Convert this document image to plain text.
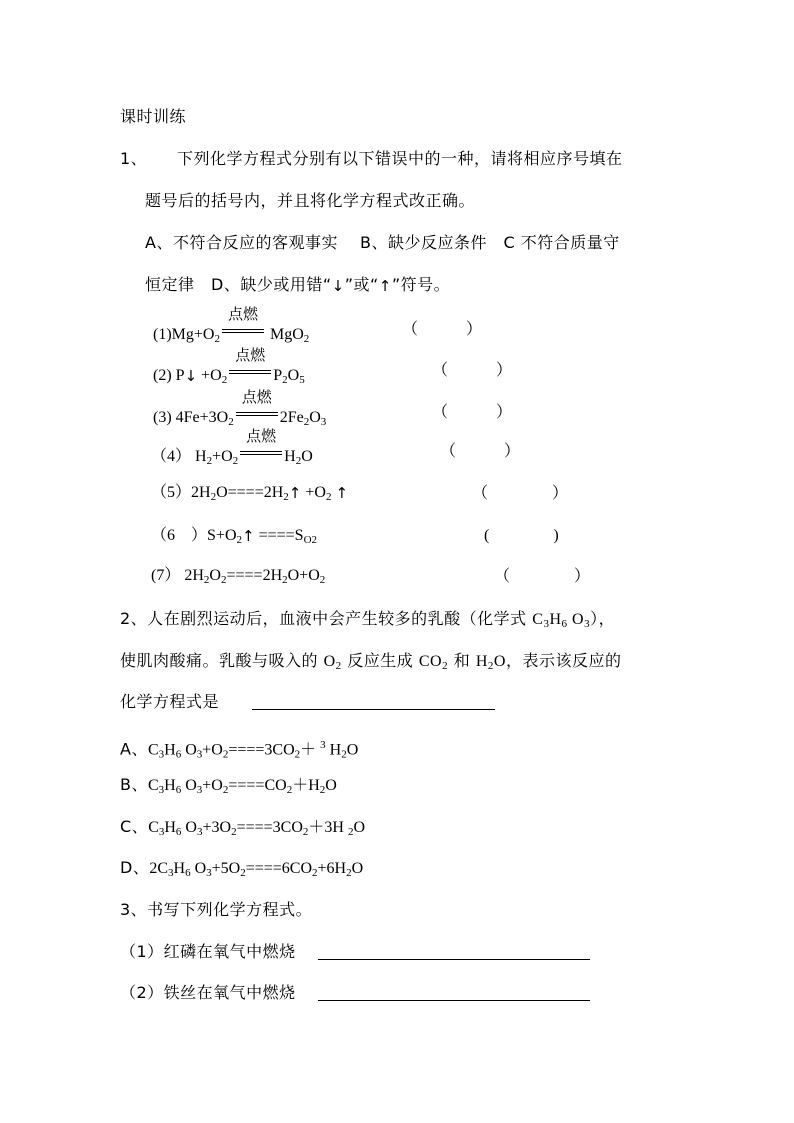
课时训练
1、 下列化学方程式分别有以下错误中的一种，请将相应序号填在
题号后的括号内，并且将化学方程式改正确。
A、不符合反应的客观事实　 B、缺少反应条件　C 不符合质量守
恒定律　D、缺少或用错“↓”或“↑”符号。
$(1)Mg+O_2$
点燃
MgO$_2$
（　　　）
(2) P↓ $+O_2$
点燃
$P_2O_5$
（　　　）
(3) $4Fe+3O_2$
点燃
$2Fe_2O_3$
（　　　）
（4） $H_2+O_2$
点燃
$H_2O$	（　　　）
$(5)2H_2O====2H_2↑ +O_2$ ↑	（　　　　）
（6　）$S+O_2↑ ====S_{O2}$	(　　　　)
(7） $2H_2O_2====2H_2O+O_2$	（　　　　）
2、人在剧烈运动后，血液中会产生较多的乳酸（化学式 $C_3H_6$ $O_3$），
使肌肉酸痛。乳酸与吸入的 $O_2$ 反应生成 $CO_2$ 和 $H_2O$，表示该反应的
化学方程式是
A、$C_3H_6$ $O_3+O_2====3CO_2+ ^3$ $H_2O$
B、$C_3H_6$ $O_3+O_2====CO_2+H_2O$
C、$C_3H_6$ $O_3+3O_2====3CO_2+3H$ $_2$O
D、$2C_3H_6$ $O_3+5O_2====6CO_2+6H_2O$
3、书写下列化学方程式。
（1）红磷在氧气中燃烧
（2）铁丝在氧气中燃烧
